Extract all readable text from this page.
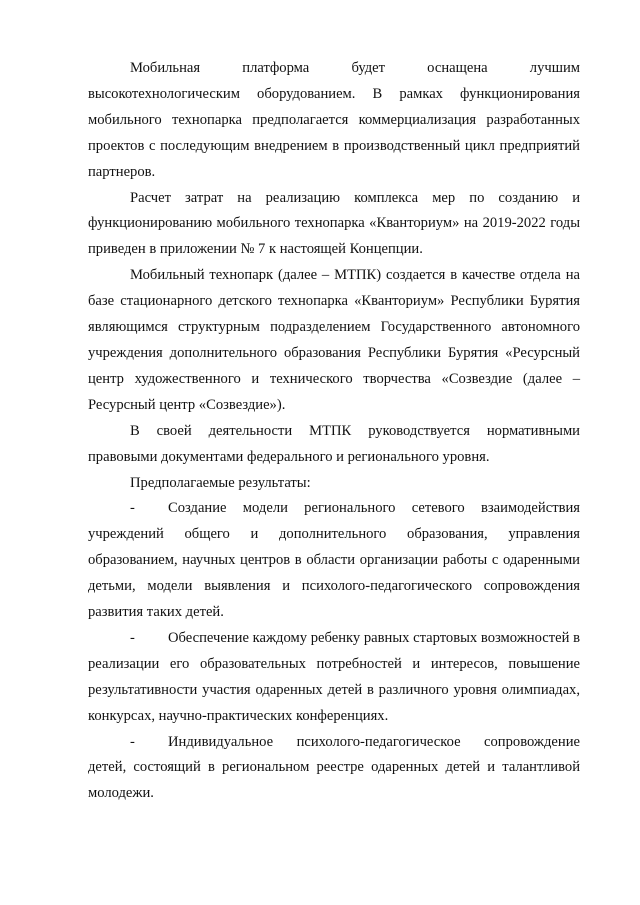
Мобильная платформа будет оснащена лучшим высокотехнологическим оборудованием. В рамках функционирования мобильного технопарка предполагается коммерциализация разработанных проектов с последующим внедрением в производственный цикл предприятий партнеров.

Расчет затрат на реализацию комплекса мер по созданию и функционированию мобильного технопарка «Кванториум» на 2019-2022 годы приведен в приложении № 7 к настоящей Концепции.

Мобильный технопарк (далее – МТПК) создается в качестве отдела на базе стационарного детского технопарка «Кванториум» Республики Бурятия являющимся структурным подразделением Государственного автономного учреждения дополнительного образования Республики Бурятия «Ресурсный центр художественного и технического творчества «Созвездие (далее – Ресурсный центр «Созвездие»).

В своей деятельности МТПК руководствуется нормативными правовыми документами федерального и регионального уровня.

Предполагаемые результаты:

- Создание модели регионального сетевого взаимодействия учреждений общего и дополнительного образования, управления образованием, научных центров в области организации работы с одаренными детьми, модели выявления и психолого-педагогического сопровождения развития таких детей.

- Обеспечение каждому ребенку равных стартовых возможностей в реализации его образовательных потребностей и интересов, повышение результативности участия одаренных детей в различного уровня олимпиадах, конкурсах, научно-практических конференциях.

- Индивидуальное психолого-педагогическое сопровождение детей, состоящий в региональном реестре одаренных детей и талантливой молодежи.
